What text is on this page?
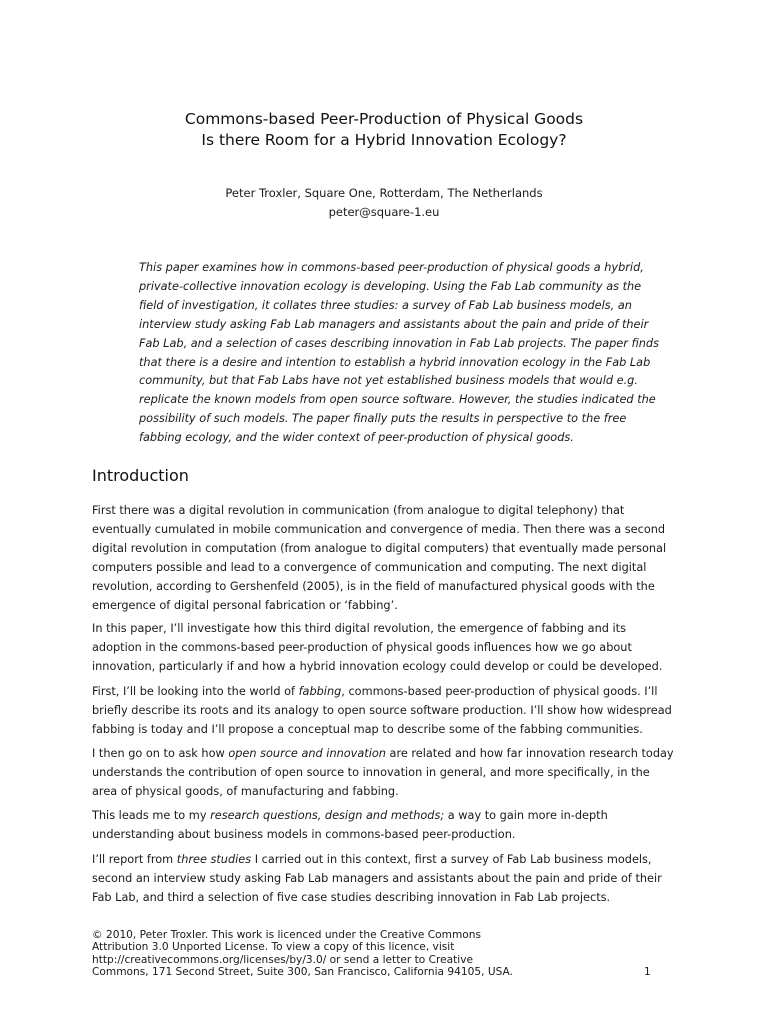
Commons-based Peer-Production of Physical Goods
Is there Room for a Hybrid Innovation Ecology?
Peter Troxler, Square One, Rotterdam, The Netherlands
peter@square-1.eu

This paper examines how in commons-based peer-production of physical goods a hybrid, private-collective innovation ecology is developing. Using the Fab Lab community as the field of investigation, it collates three studies: a survey of Fab Lab business models, an interview study asking Fab Lab managers and assistants about the pain and pride of their Fab Lab, and a selection of cases describing innovation in Fab Lab projects. The paper finds that there is a desire and intention to establish a hybrid innovation ecology in the Fab Lab community, but that Fab Labs have not yet established business models that would e.g. replicate the known models from open source software. However, the studies indicated the possibility of such models. The paper finally puts the results in perspective to the free fabbing ecology, and the wider context of peer-production of physical goods.

Introduction

First there was a digital revolution in communication (from analogue to digital telephony) that eventually cumulated in mobile communication and convergence of media. Then there was a second digital revolution in computation (from analogue to digital computers) that eventually made personal computers possible and lead to a convergence of communication and computing. The next digital revolution, according to Gershenfeld (2005), is in the field of manufactured physical goods with the emergence of digital personal fabrication or ‘fabbing’.

In this paper, I’ll investigate how this third digital revolution, the emergence of fabbing and its adoption in the commons-based peer-production of physical goods influences how we go about innovation, particularly if and how a hybrid innovation ecology could develop or could be developed.

First, I’ll be looking into the world of fabbing, commons-based peer-production of physical goods. I’ll briefly describe its roots and its analogy to open source software production. I’ll show how widespread fabbing is today and I’ll propose a conceptual map to describe some of the fabbing communities.

I then go on to ask how open source and innovation are related and how far innovation research today understands the contribution of open source to innovation in general, and more specifically, in the area of physical goods, of manufacturing and fabbing.

This leads me to my research questions, design and methods; a way to gain more in-depth understanding about business models in commons-based peer-production.

I’ll report from three studies I carried out in this context, first a survey of Fab Lab business models, second an interview study asking Fab Lab managers and assistants about the pain and pride of their Fab Lab, and third a selection of five case studies describing innovation in Fab Lab projects.

© 2010, Peter Troxler. This work is licenced under the Creative Commons
Attribution 3.0 Unported License. To view a copy of this licence, visit
http://creativecommons.org/licenses/by/3.0/ or send a letter to Creative
Commons, 171 Second Street, Suite 300, San Francisco, California 94105, USA.	1
